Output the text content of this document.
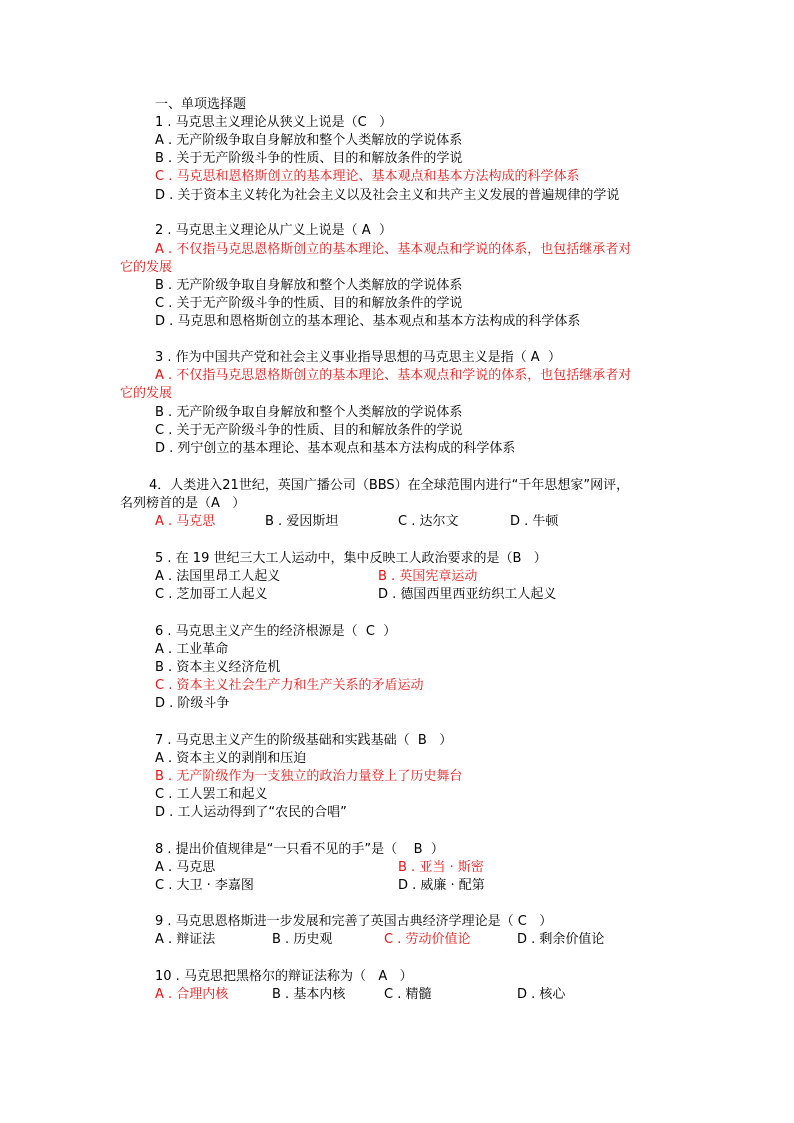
一、单项选择题
1 . 马克思主义理论从狭义上说是（C   ）
A . 无产阶级争取自身解放和整个人类解放的学说体系
B . 关于无产阶级斗争的性质、目的和解放条件的学说
C . 马克思和恩格斯创立的基本理论、基本观点和基本方法构成的科学体系
D . 关于资本主义转化为社会主义以及社会主义和共产主义发展的普遍规律的学说
2 . 马克思主义理论从广义上说是（ A  ）
A . 不仅指马克思恩格斯创立的基本理论、基本观点和学说的体系，也包括继承者对
它的发展
B . 无产阶级争取自身解放和整个人类解放的学说体系
C . 关于无产阶级斗争的性质、目的和解放条件的学说
D . 马克思和恩格斯创立的基本理论、基本观点和基本方法构成的科学体系
3 . 作为中国共产党和社会主义事业指导思想的马克思主义是指（ A  ）
A . 不仅指马克思恩格斯创立的基本理论、基本观点和学说的体系，也包括继承者对
它的发展
B . 无产阶级争取自身解放和整个人类解放的学说体系
C . 关于无产阶级斗争的性质、目的和解放条件的学说
D . 列宁创立的基本理论、基本观点和基本方法构成的科学体系
4．人类进入21世纪，英国广播公司（BBS）在全球范围内进行“千年思想家”网评，
名列榜首的是（A   ）
A . 马克思	B . 爱因斯坦	C . 达尔文	D . 牛顿
5 . 在 19 世纪三大工人运动中，集中反映工人政治要求的是（B   ）
A . 法国里昂工人起义	B . 英国宪章运动
C . 芝加哥工人起义	D . 德国西里西亚纺织工人起义
6 . 马克思主义产生的经济根源是（  C  ）
A . 工业革命
B . 资本主义经济危机
C . 资本主义社会生产力和生产关系的矛盾运动
D . 阶级斗争
7 . 马克思主义产生的阶级基础和实践基础（  B   ）
A . 资本主义的剥削和压迫
B . 无产阶级作为一支独立的政治力量登上了历史舞台
C . 工人罢工和起义
D . 工人运动得到了“农民的合唱”
8 . 提出价值规律是“一只看不见的手”是（    B  ）
A . 马克思	B . 亚当 · 斯密
C . 大卫 · 李嘉图	D . 威廉 · 配第
9 . 马克思恩格斯进一步发展和完善了英国古典经济学理论是（ C   ）
A . 辩证法	B . 历史观	C . 劳动价值论	D . 剩余价值论
10 . 马克思把黑格尔的辩证法称为（   A   ）
A . 合理内核	B . 基本内核	C . 精髓	D . 核心
